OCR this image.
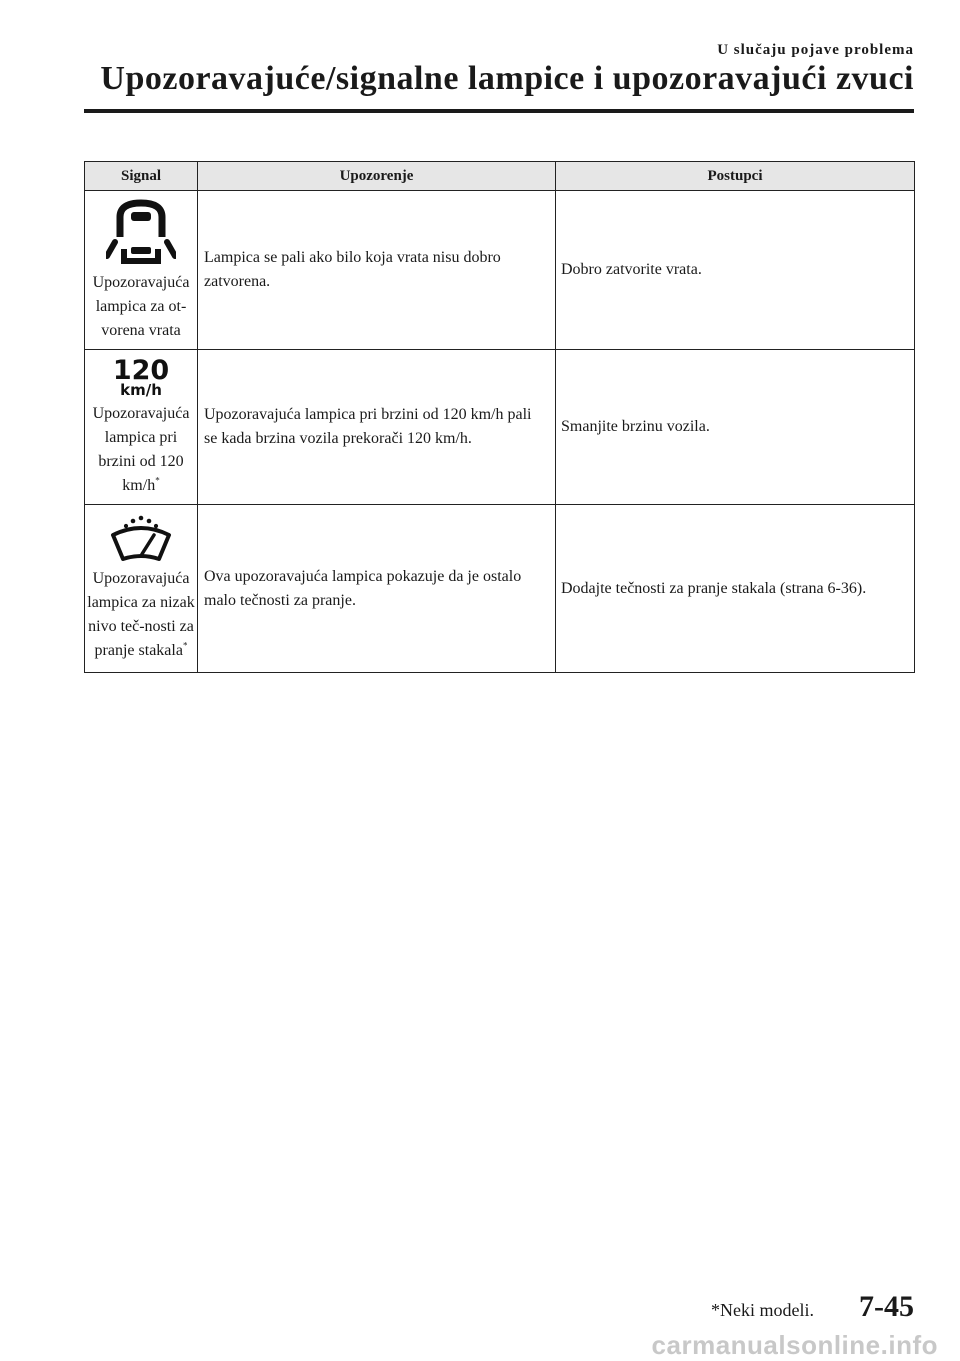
U slučaju pojave problema
Upozoravajuće/signalne lampice i upozoravajući zvuci
Signal	Upozorenje	Postupci

Upozoravajuća lampica za ot-vorena vrata	Lampica se pali ako bilo koja vrata nisu dobro zatvorena.	Dobro zatvorite vrata.

120
km/h
Upozoravajuća lampica pri brzini od 120 km/h*	Upozoravajuća lampica pri brzini od 120 km/h pali se kada brzina vozila prekorači 120 km/h.	Smanjite brzinu vozila.

Upozoravajuća lampica za nizak nivo teč-nosti za pranje stakala*	Ova upozoravajuća lampica pokazuje da je ostalo malo tečnosti za pranje.	Dodajte tečnosti za pranje stakala (strana 6-36).
*Neki modeli. 7-45
carmanualsonline.info
